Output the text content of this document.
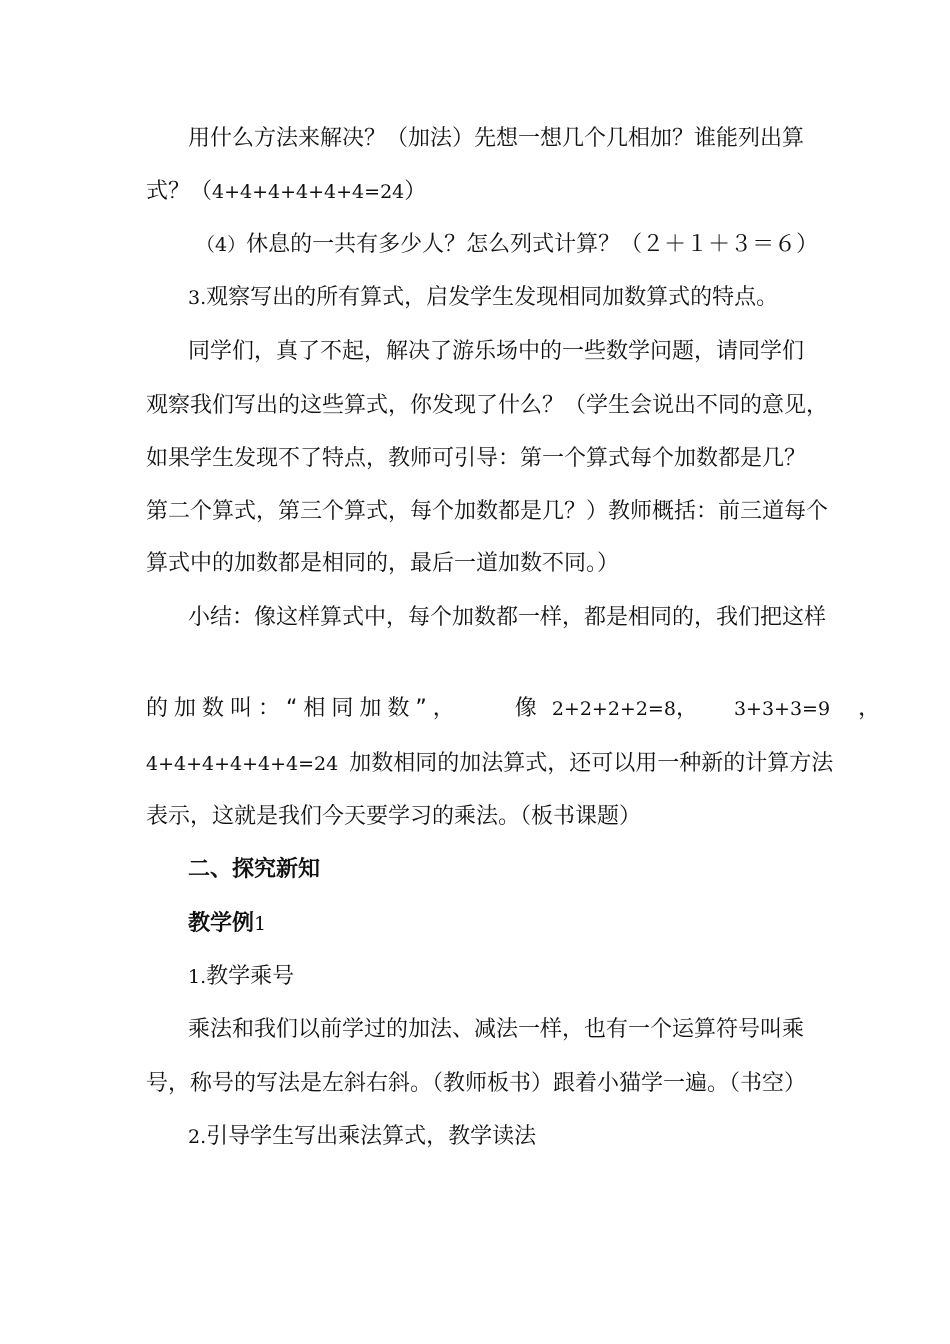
用什么方法来解决？（加法）先想一想几个几相加？谁能列出算
式？（4+4+4+4+4+4=24）
（4）休息的一共有多少人？怎么列式计算？（２＋１＋３＝６）
3.观察写出的所有算式，启发学生发现相同加数算式的特点。
同学们，真了不起，解决了游乐场中的一些数学问题，请同学们
观察我们写出的这些算式，你发现了什么？（学生会说出不同的意见，
如果学生发现不了特点，教师可引导：第一个算式每个加数都是几？
第二个算式，第三个算式，每个加数都是几？）教师概括：前三道每个
算式中的加数都是相同的，最后一道加数不同。）
小结：像这样算式中，每个加数都一样，都是相同的，我们把这样
的加数叫：“相同加数”， 像 2+2+2+2=8， 3+3+3=9 ，
4+4+4+4+4+4=24 加数相同的加法算式，还可以用一种新的计算方法
表示，这就是我们今天要学习的乘法。（板书课题）
二、探究新知
教学例1
1.教学乘号
乘法和我们以前学过的加法、减法一样，也有一个运算符号叫乘
号，称号的写法是左斜右斜。（教师板书）跟着小猫学一遍。（书空）
2.引导学生写出乘法算式，教学读法
